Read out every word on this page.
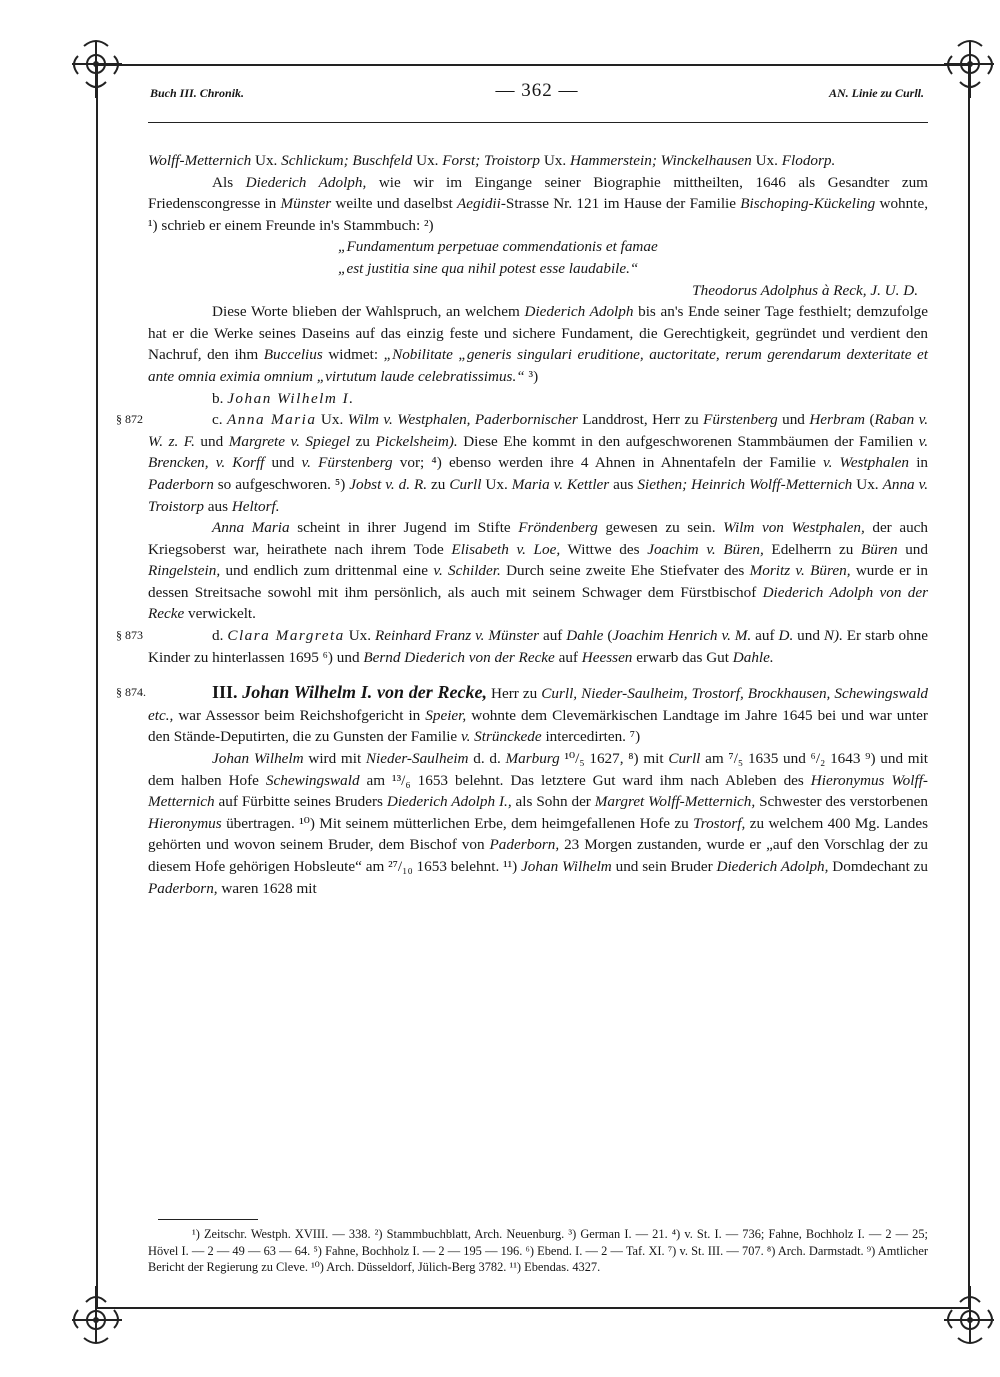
Buch III. Chronik.	— 362 —	AN. Linie zu Curll.

Wolff-Metternich Ux. Schlickum; Buschfeld Ux. Forst; Troistorp Ux. Hammerstein; Winckelhausen Ux. Flodorp.

Als Diederich Adolph, wie wir im Eingange seiner Biographie mittheilten, 1646 als Gesandter zum Friedenscongresse in Münster weilte und daselbst Aegidii-Strasse Nr. 121 im Hause der Familie Bischoping-Kückeling wohnte, ¹) schrieb er einem Freunde in's Stammbuch: ²)

„Fundamentum perpetuae commendationis et famae

„est justitia sine qua nihil potest esse laudabile.“

Theodorus Adolphus à Reck, J. U. D.

Diese Worte blieben der Wahlspruch, an welchem Diederich Adolph bis an's Ende seiner Tage festhielt; demzufolge hat er die Werke seines Daseins auf das einzig feste und sichere Fundament, die Gerechtigkeit, gegründet und verdient den Nachruf, den ihm Buccelius widmet: „Nobilitate „generis singulari eruditione, auctoritate, rerum gerendarum dexteritate et ante omnia eximia omnium „virtutum laude celebratissimus.“ ³)

b. Johan Wilhelm I.

§ 872	c. Anna Maria Ux. Wilm v. Westphalen, Paderbornischer Landdrost, Herr zu Fürstenberg und Herbram (Raban v. W. z. F. und Margrete v. Spiegel zu Pickelsheim). Diese Ehe kommt in den aufgeschworenen Stammbäumen der Familien v. Brencken, v. Korff und v. Fürstenberg vor; ⁴) ebenso werden ihre 4 Ahnen in Ahnentafeln der Familie v. Westphalen in Paderborn so aufgeschworen. ⁵) Jobst v. d. R. zu Curll Ux. Maria v. Kettler aus Siethen; Heinrich Wolff-Metternich Ux. Anna v. Troistorp aus Heltorf.

Anna Maria scheint in ihrer Jugend im Stifte Fröndenberg gewesen zu sein. Wilm von Westphalen, der auch Kriegsoberst war, heirathete nach ihrem Tode Elisabeth v. Loe, Wittwe des Joachim v. Büren, Edelherrn zu Büren und Ringelstein, und endlich zum drittenmal eine v. Schilder. Durch seine zweite Ehe Stiefvater des Moritz v. Büren, wurde er in dessen Streitsache sowohl mit ihm persönlich, als auch mit seinem Schwager dem Fürstbischof Diederich Adolph von der Recke verwickelt.

§ 873	d. Clara Margreta Ux. Reinhard Franz v. Münster auf Dahle (Joachim Henrich v. M. auf D. und N). Er starb ohne Kinder zu hinterlassen 1695 ⁶) und Bernd Diederich von der Recke auf Heessen erwarb das Gut Dahle.

§ 874.	III. Johan Wilhelm I. von der Recke, Herr zu Curll, Nieder-Saulheim, Trostorf, Brockhausen, Schewingswald etc., war Assessor beim Reichshofgericht in Speier, wohnte dem Clevemärkischen Landtage im Jahre 1645 bei und war unter den Stände-Deputirten, die zu Gunsten der Familie v. Strünckede intercedirten. ⁷)

Johan Wilhelm wird mit Nieder-Saulheim d. d. Marburg ¹⁰/₅ 1627, ⁸) mit Curll am ⁷/₅ 1635 und ⁶/₂ 1643 ⁹) und mit dem halben Hofe Schewingswald am ¹³/₆ 1653 belehnt. Das letztere Gut ward ihm nach Ableben des Hieronymus Wolff-Metternich auf Fürbitte seines Bruders Diederich Adolph I., als Sohn der Margret Wolff-Metternich, Schwester des verstorbenen Hieronymus übertragen. ¹⁰) Mit seinem mütterlichen Erbe, dem heimgefallenen Hofe zu Trostorf, zu welchem 400 Mg. Landes gehörten und wovon seinem Bruder, dem Bischof von Paderborn, 23 Morgen zustanden, wurde er „auf den Vorschlag der zu diesem Hofe gehörigen Hobsleute“ am ²⁷/₁₀ 1653 belehnt. ¹¹) Johan Wilhelm und sein Bruder Diederich Adolph, Domdechant zu Paderborn, waren 1628 mit

¹) Zeitschr. Westph. XVIII. — 338. ²) Stammbuchblatt, Arch. Neuenburg. ³) German I. — 21. ⁴) v. St. I. — 736; Fahne, Bochholz I. — 2 — 25; Hövel I. — 2 — 49 — 63 — 64. ⁵) Fahne, Bochholz I. — 2 — 195 — 196. ⁶) Ebend. I. — 2 — Taf. XI. ⁷) v. St. III. — 707. ⁸) Arch. Darmstadt. ⁹) Amtlicher Bericht der Regierung zu Cleve. ¹⁰) Arch. Düsseldorf, Jülich-Berg 3782. ¹¹) Ebendas. 4327.
